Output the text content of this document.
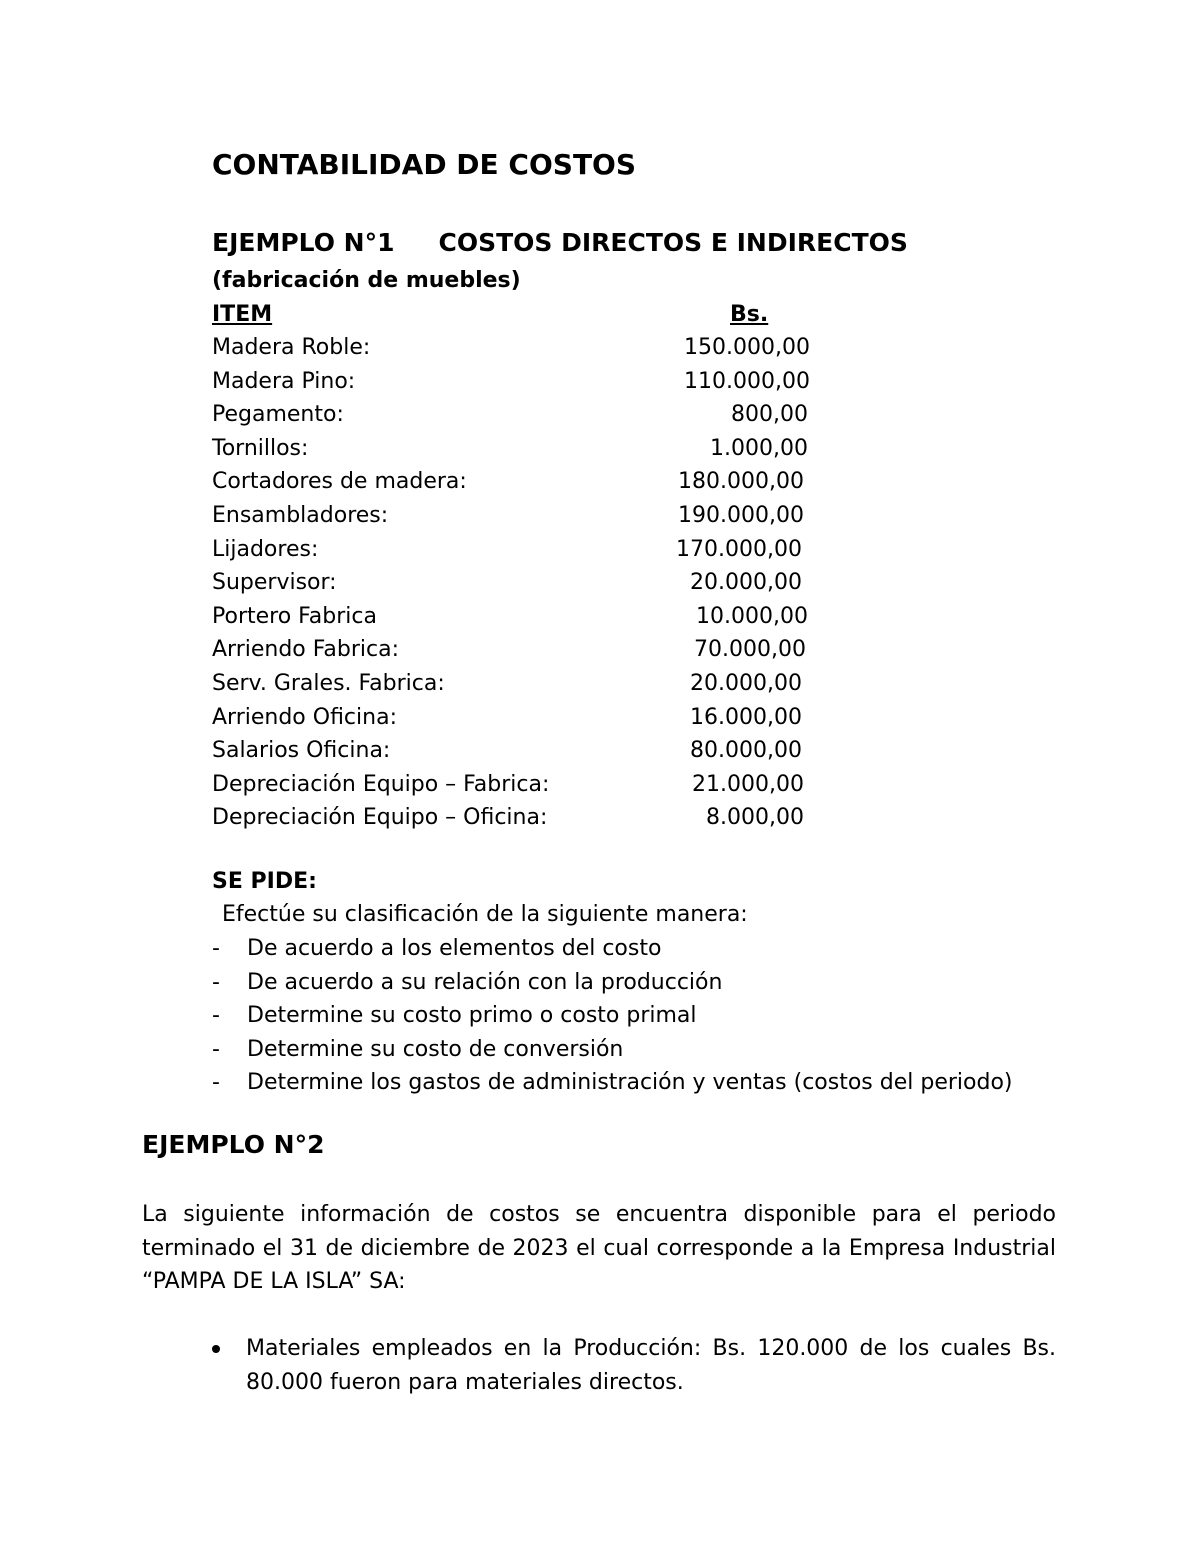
CONTABILIDAD DE COSTOS
EJEMPLO N°1 COSTOS DIRECTOS E INDIRECTOS
(fabricación de muebles)
ITEM	Bs.
Madera Roble:	150.000,00
Madera Pino:	110.000,00
Pegamento:	800,00
Tornillos:	1.000,00
Cortadores de madera:	180.000,00
Ensambladores:	190.000,00
Lijadores:	170.000,00
Supervisor:	20.000,00
Portero Fabrica	10.000,00
Arriendo Fabrica:	70.000,00
Serv. Grales. Fabrica:	20.000,00
Arriendo Oficina:	16.000,00
Salarios Oficina:	80.000,00
Depreciación Equipo – Fabrica:	21.000,00
Depreciación Equipo – Oficina:	8.000,00
SE PIDE:
Efectúe su clasificación de la siguiente manera:
- De acuerdo a los elementos del costo
- De acuerdo a su relación con la producción
- Determine su costo primo o costo primal
- Determine su costo de conversión
- Determine los gastos de administración y ventas (costos del periodo)
EJEMPLO N°2
La siguiente información de costos se encuentra disponible para el periodo
terminado el 31 de diciembre de 2023 el cual corresponde a la Empresa Industrial
“PAMPA DE LA ISLA” SA:
Materiales empleados en la Producción: Bs. 120.000 de los cuales Bs.
80.000 fueron para materiales directos.
